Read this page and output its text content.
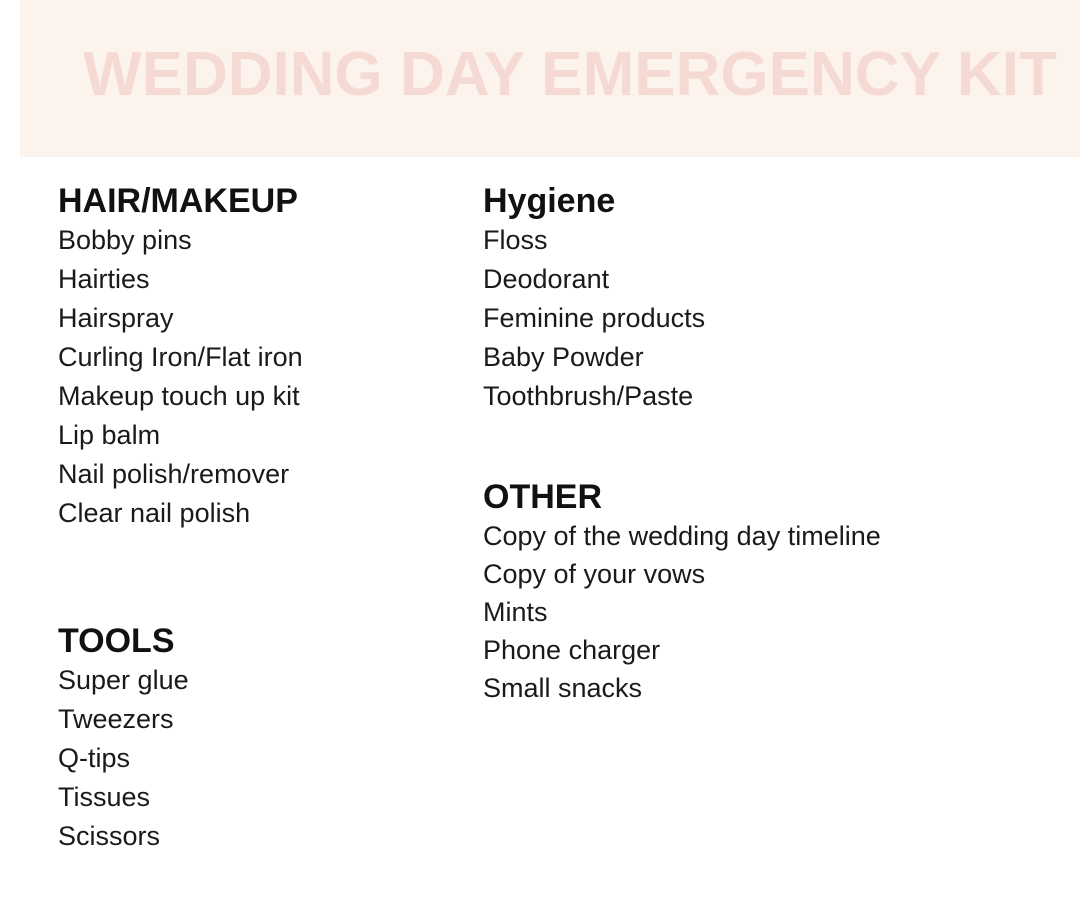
WEDDING DAY EMERGENCY KIT
HAIR/MAKEUP
Bobby pins
Hairties
Hairspray
Curling Iron/Flat iron
Makeup touch up kit
Lip balm
Nail polish/remover
Clear nail polish
TOOLS
Super glue
Tweezers
Q-tips
Tissues
Scissors
Hygiene
Floss
Deodorant
Feminine products
Baby Powder
Toothbrush/Paste
OTHER
Copy of the wedding day timeline
Copy of your vows
Mints
Phone charger
Small snacks
